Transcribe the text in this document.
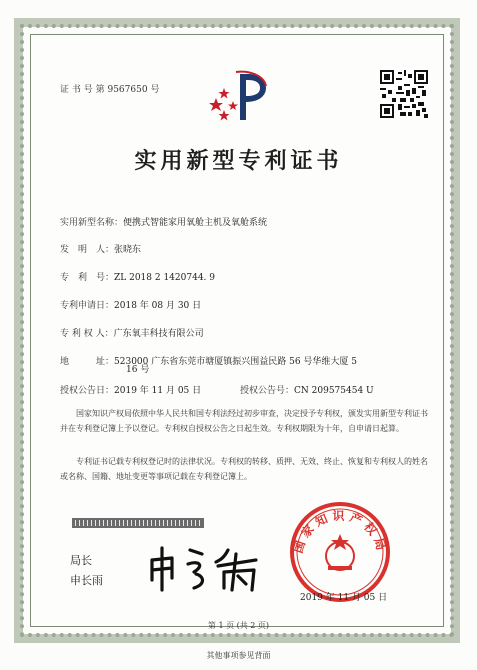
证 书 号 第 9567650 号
实用新型专利证书
实用新型名称：便携式智能家用氧舱主机及氧舱系统
发　明　人：张晓东
专　利　号：ZL 2018 2 1420744. 9
专利申请日：2018 年 08 月 30 日
专 利 权 人：广东氧丰科技有限公司
地　　　址：523000 广东省东莞市塘厦镇振兴围益民路 56 号华维大厦 5
16 号
授权公告日：2019 年 11 月 05 日	授权公告号：CN 209575454 U
国家知识产权局依照中华人民共和国专利法经过初步审查，决定授予专利权，颁发实用新型专利证书并在专利登记簿上予以登记。专利权自授权公告之日起生效。专利权期限为十年，自申请日起算。
专利证书记载专利权登记时的法律状况。专利权的转移、质押、无效、终止、恢复和专利权人的姓名或名称、国籍、地址变更等事项记载在专利登记簿上。
局长
申长雨
国家知识产权局
2019 年 11 月 05 日
第 1 页 (共 2 页)
其他事项参见背面
